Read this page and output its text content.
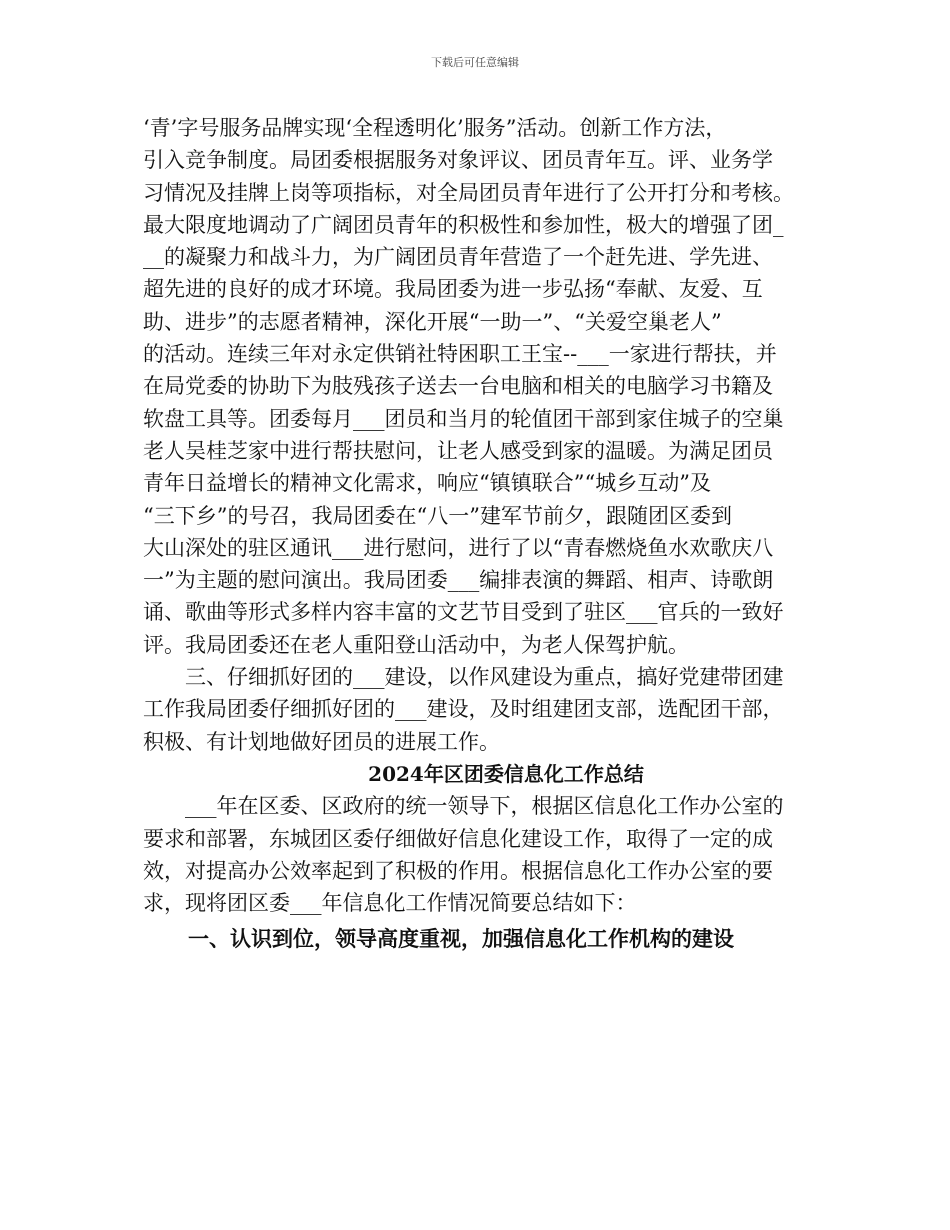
下载后可任意编辑
‘青’字号服务品牌实现‘全程透明化’服务”活动。创新工作方法，
引入竞争制度。局团委根据服务对象评议、团员青年互。评、业务学
习情况及挂牌上岗等项指标，对全局团员青年进行了公开打分和考核。
最大限度地调动了广阔团员青年的积极性和参加性，极大的增强了团_
__的凝聚力和战斗力，为广阔团员青年营造了一个赶先进、学先进、
超先进的良好的成才环境。我局团委为进一步弘扬“奉献、友爱、互
助、进步”的志愿者精神，深化开展“一助一”、“关爱空巢老人”
的活动。连续三年对永定供销社特困职工王宝--___一家进行帮扶，并
在局党委的协助下为肢残孩子送去一台电脑和相关的电脑学习书籍及
软盘工具等。团委每月___团员和当月的轮值团干部到家住城子的空巢
老人吴桂芝家中进行帮扶慰问，让老人感受到家的温暖。为满足团员
青年日益增长的精神文化需求，响应“镇镇联合”“城乡互动”及
“三下乡”的号召，我局团委在“八一”建军节前夕，跟随团区委到
大山深处的驻区通讯___进行慰问，进行了以“青春燃烧鱼水欢歌庆八
一”为主题的慰问演出。我局团委___编排表演的舞蹈、相声、诗歌朗
诵、歌曲等形式多样内容丰富的文艺节目受到了驻区___官兵的一致好
评。我局团委还在老人重阳登山活动中，为老人保驾护航。
三、仔细抓好团的___建设，以作风建设为重点，搞好党建带团建
工作我局团委仔细抓好团的___建设，及时组建团支部，选配团干部，
积极、有计划地做好团员的进展工作。
2024年区团委信息化工作总结
___年在区委、区政府的统一领导下，根据区信息化工作办公室的
要求和部署，东城团区委仔细做好信息化建设工作，取得了一定的成
效，对提高办公效率起到了积极的作用。根据信息化工作办公室的要
求，现将团区委___年信息化工作情况简要总结如下：
一、认识到位，领导高度重视，加强信息化工作机构的建设
